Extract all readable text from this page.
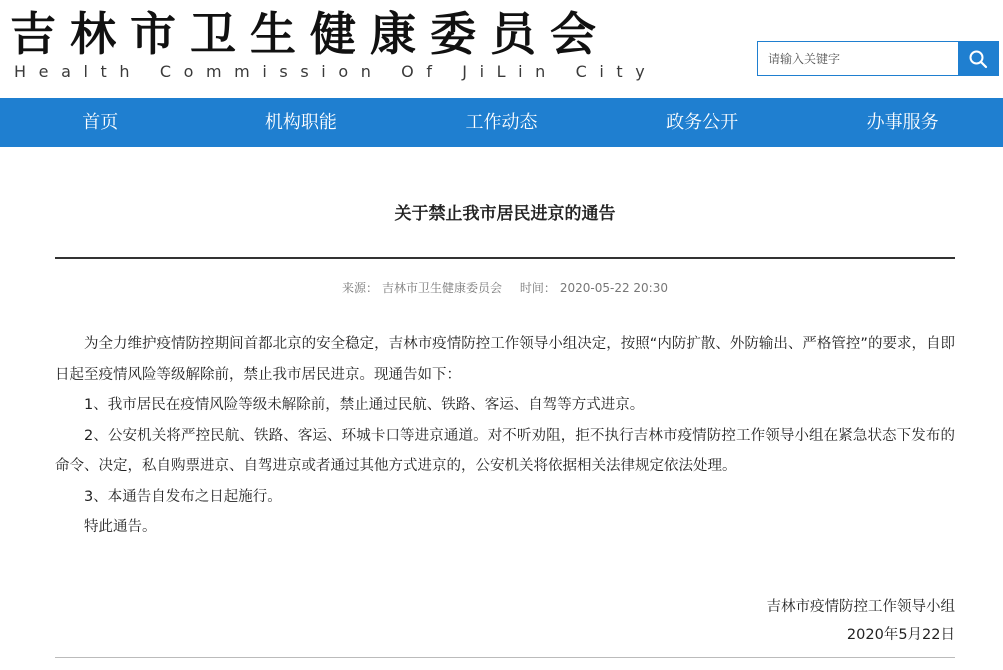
吉林市卫生健康委员会
Health Commission Of JiLin City
请输入关键字
首页	机构职能	工作动态	政务公开	办事服务
关于禁止我市居民进京的通告
来源： 吉林市卫生健康委员会 时间： 2020-05-22 20:30

为全力维护疫情防控期间首都北京的安全稳定，吉林市疫情防控工作领导小组决定，按照“内防扩散、外防输出、严格管控”的要求，自即日起至疫情风险等级解除前，禁止我市居民进京。现通告如下：

1、我市居民在疫情风险等级未解除前，禁止通过民航、铁路、客运、自驾等方式进京。

2、公安机关将严控民航、铁路、客运、环城卡口等进京通道。对不听劝阻，拒不执行吉林市疫情防控工作领导小组在紧急状态下发布的命令、决定，私自购票进京、自驾进京或者通过其他方式进京的，公安机关将依据相关法律规定依法处理。

3、本通告自发布之日起施行。

特此通告。

吉林市疫情防控工作领导小组
2020年5月22日
